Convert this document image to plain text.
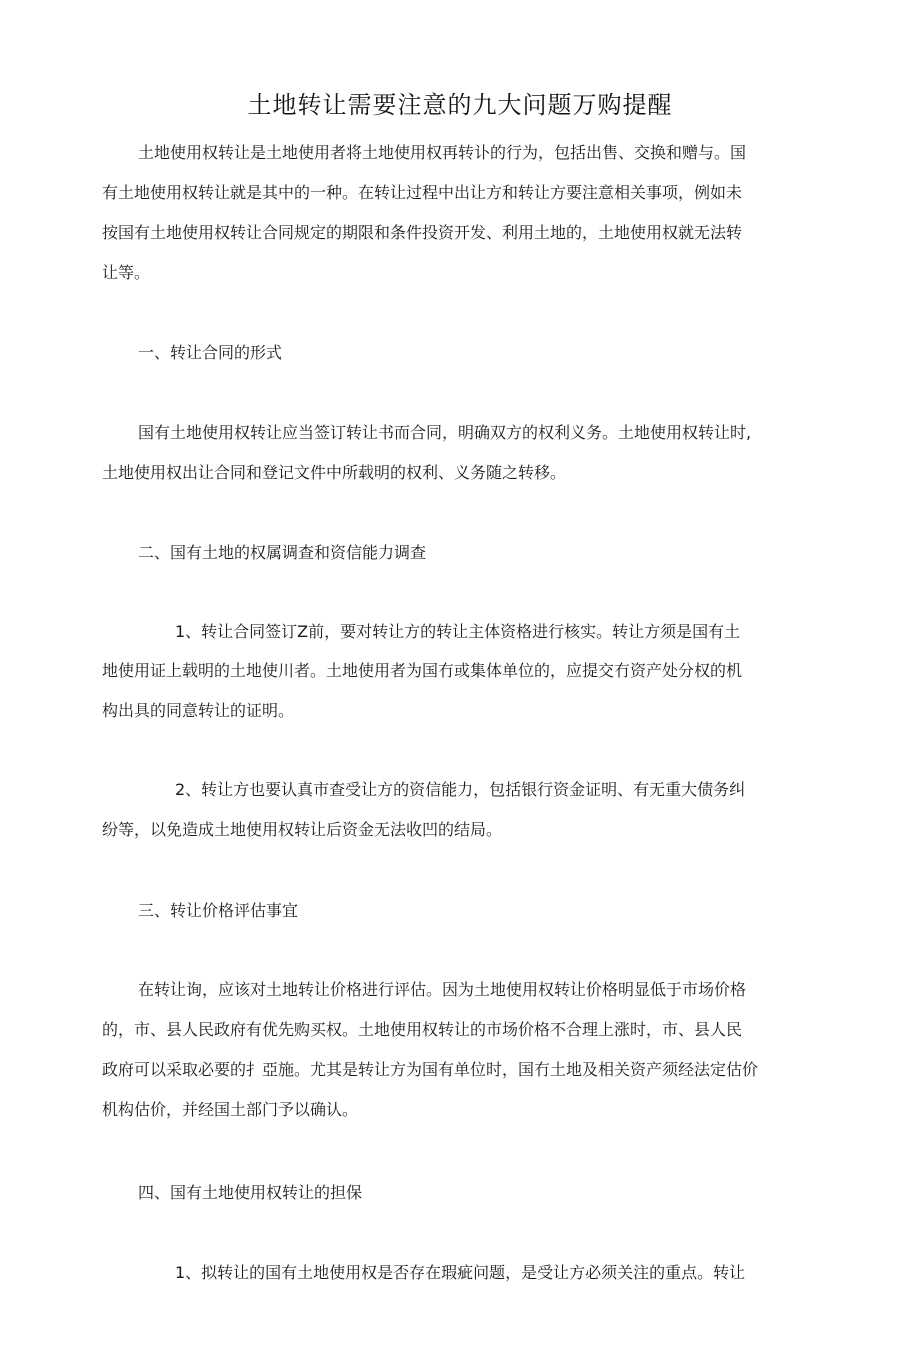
土地转让需要注意的九大问题万购提醒
土地使用权转让是土地使用者将土地使用权再转讣的行为，包括出售、交换和赠与。国
有土地使用权转让就是其中的一种。在转让过程中出让方和转让方要注意相关事项，例如未
按国有土地使用权转让合同规定的期限和条件投资开发、利用土地的，土地使用权就无法转
让等。
一、转让合同的形式
国有土地使用权转让应当签订转让书而合同，明确双方的权利义务。土地使用权转让时,
土地使用权出让合同和登记文件中所载明的权利、义务随之转移。
二、国有土地的权属调查和资信能力调查
1、转让合同签订Z前，要对转让方的转让主体资格进行核实。转让方须是国有土
地使用证上载明的土地使川者。土地使用者为国冇或集体单位的，应提交冇资产处分权的机
构出具的同意转让的证明。
2、转让方也要认真市查受让方的资信能力，包括银行资金证明、有无重大债务纠
纷等，以免造成土地使用权转让后资金无法收凹的结局。
三、转让价格评估事宜
在转让询，应该对土地转让价格进行评估。因为土地使用权转让价格明显低于市场价格
的，市、县人民政府有优先购买权。土地使用权转让的市场价格不合理上涨时，市、县人民
政府可以采取必要的扌亞施。尤其是转让方为国有单位时，国冇土地及相关资产须经法定估价
机构估价，并经国土部门予以确认。
四、国有土地使用权转让的担保
1、拟转让的国有土地使用权是否存在瑕疵问题，是受让方必须关注的重点。转让
